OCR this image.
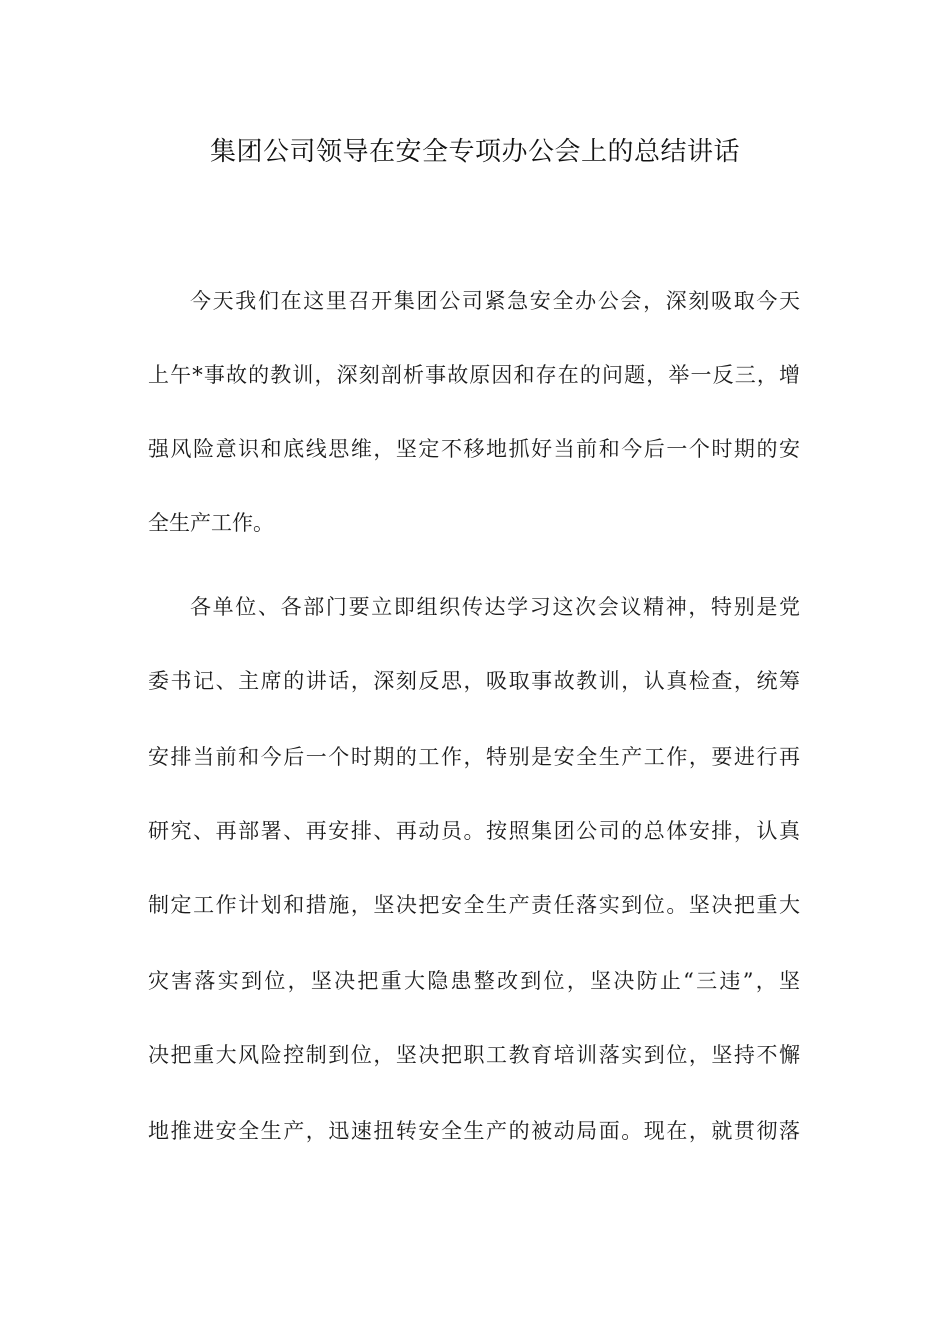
集团公司领导在安全专项办公会上的总结讲话
今天我们在这里召开集团公司紧急安全办公会，深刻吸取今天
上午*事故的教训，深刻剖析事故原因和存在的问题，举一反三，增
强风险意识和底线思维，坚定不移地抓好当前和今后一个时期的安
全生产工作。
各单位、各部门要立即组织传达学习这次会议精神，特别是党
委书记、主席的讲话，深刻反思，吸取事故教训，认真检查，统筹
安排当前和今后一个时期的工作，特别是安全生产工作，要进行再
研究、再部署、再安排、再动员。按照集团公司的总体安排，认真
制定工作计划和措施，坚决把安全生产责任落实到位。坚决把重大
灾害落实到位，坚决把重大隐患整改到位，坚决防止“三违”，坚
决把重大风险控制到位，坚决把职工教育培训落实到位，坚持不懈
地推进安全生产，迅速扭转安全生产的被动局面。现在，就贯彻落
